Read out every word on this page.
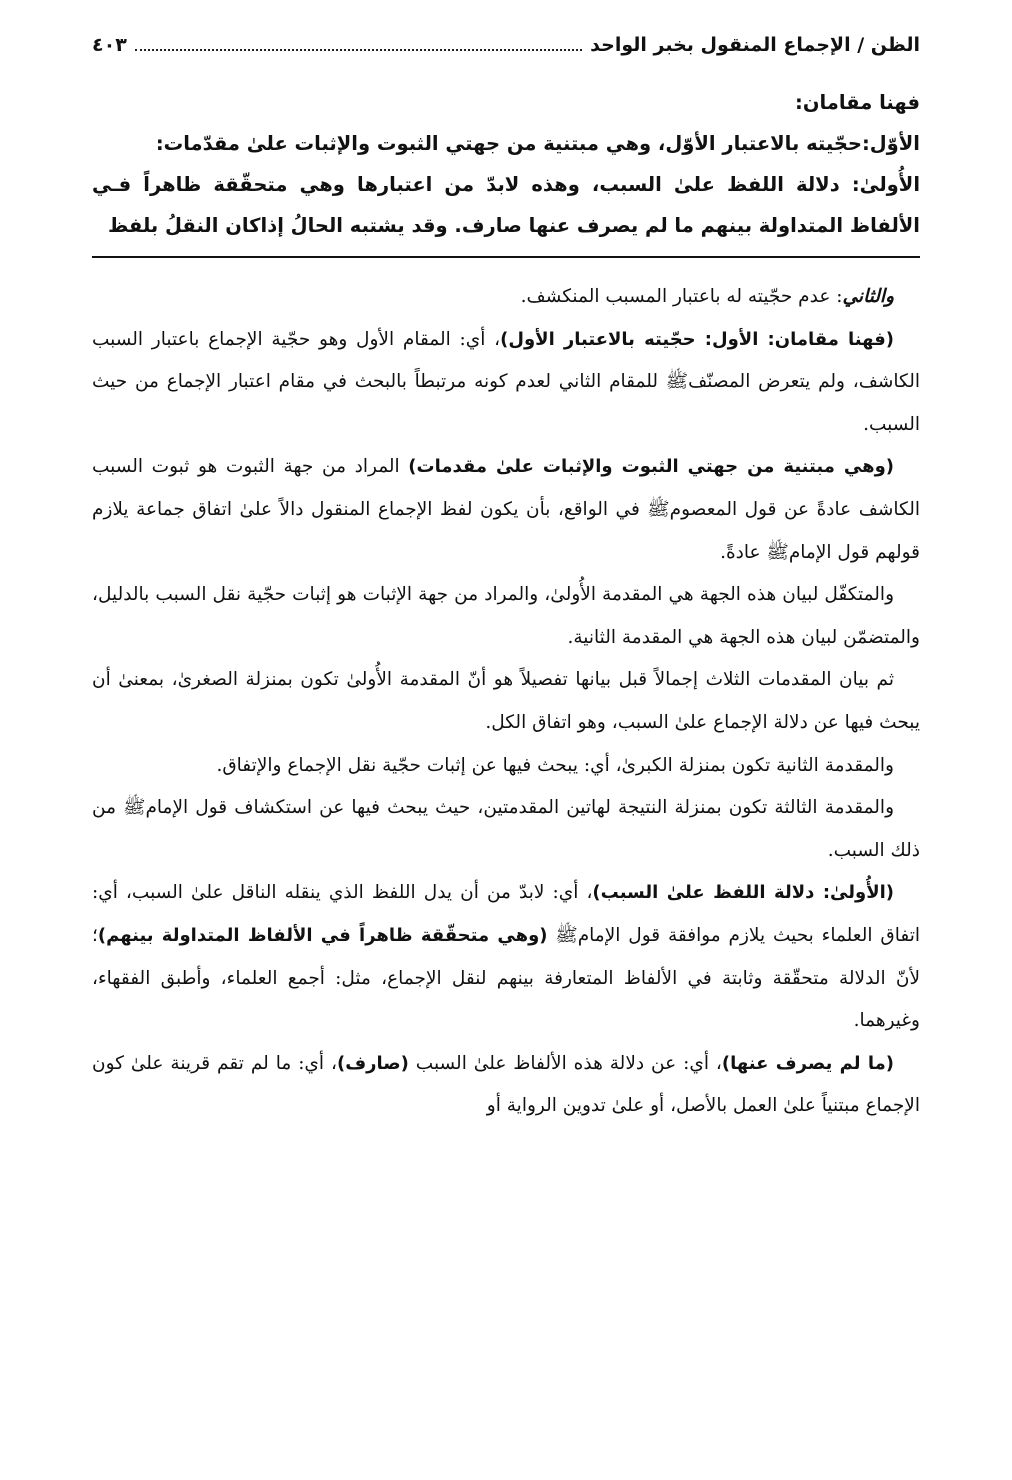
الظن / الإجماع المنقول بخبر الواحد
٤٠٣

فهنا مقامان:

الأوّل:حجّيته بالاعتبار الأوّل، وهي مبتنية من جهتي الثبوت والإثبات علىٰ مقدّمات:

الأُولىٰ: دلالة اللفظ علىٰ السبب، وهذه لابدّ من اعتبارها وهي متحقّقة ظاهراً فـي الألفاظ المتداولة بينهم ما لم يصرف عنها صارف. وقد يشتبه الحالُ إذاكان النقلُ بلفظ

والثاني: عدم حجّيته له باعتبار المسبب المنكشف.

(فهنا مقامان: الأول: حجّيته بالاعتبار الأول)، أي: المقام الأول وهو حجّية الإجماع باعتبار السبب الكاشف، ولم يتعرض المصنّفﷺ للمقام الثاني لعدم كونه مرتبطاً بالبحث في مقام اعتبار الإجماع من حيث السبب.

(وهي مبتنية من جهتي الثبوت والإثبات علىٰ مقدمات) المراد من جهة الثبوت هو ثبوت السبب الكاشف عادةً عن قول المعصومﷺ في الواقع، بأن يكون لفظ الإجماع المنقول دالاً علىٰ اتفاق جماعة يلازم قولهم قول الإمامﷺ عادةً.

والمتكفّل لبيان هذه الجهة هي المقدمة الأُولىٰ، والمراد من جهة الإثبات هو إثبات حجّية نقل السبب بالدليل، والمتضمّن لبيان هذه الجهة هي المقدمة الثانية.

ثم بيان المقدمات الثلاث إجمالاً قبل بيانها تفصيلاً هو أنّ المقدمة الأُولىٰ تكون بمنزلة الصغرىٰ، بمعنىٰ أن يبحث فيها عن دلالة الإجماع علىٰ السبب، وهو اتفاق الكل.

والمقدمة الثانية تكون بمنزلة الكبرىٰ، أي: يبحث فيها عن إثبات حجّية نقل الإجماع والإتفاق.

والمقدمة الثالثة تكون بمنزلة النتيجة لهاتين المقدمتين، حيث يبحث فيها عن استكشاف قول الإمامﷺ من ذلك السبب.

(الأُولىٰ: دلالة اللفظ علىٰ السبب)، أي: لابدّ من أن يدل اللفظ الذي ينقله الناقل علىٰ السبب، أي: اتفاق العلماء بحيث يلازم موافقة قول الإمامﷺ (وهي متحقّقة ظاهراً في الألفاظ المتداولة بينهم)؛ لأنّ الدلالة متحقّقة وثابتة في الألفاظ المتعارفة بينهم لنقل الإجماع، مثل: أجمع العلماء، وأطبق الفقهاء، وغيرهما.

(ما لم يصرف عنها)، أي: عن دلالة هذه الألفاظ علىٰ السبب (صارف)، أي: ما لم تقم قرينة علىٰ كون الإجماع مبتنياً علىٰ العمل بالأصل، أو علىٰ تدوين الرواية أو
